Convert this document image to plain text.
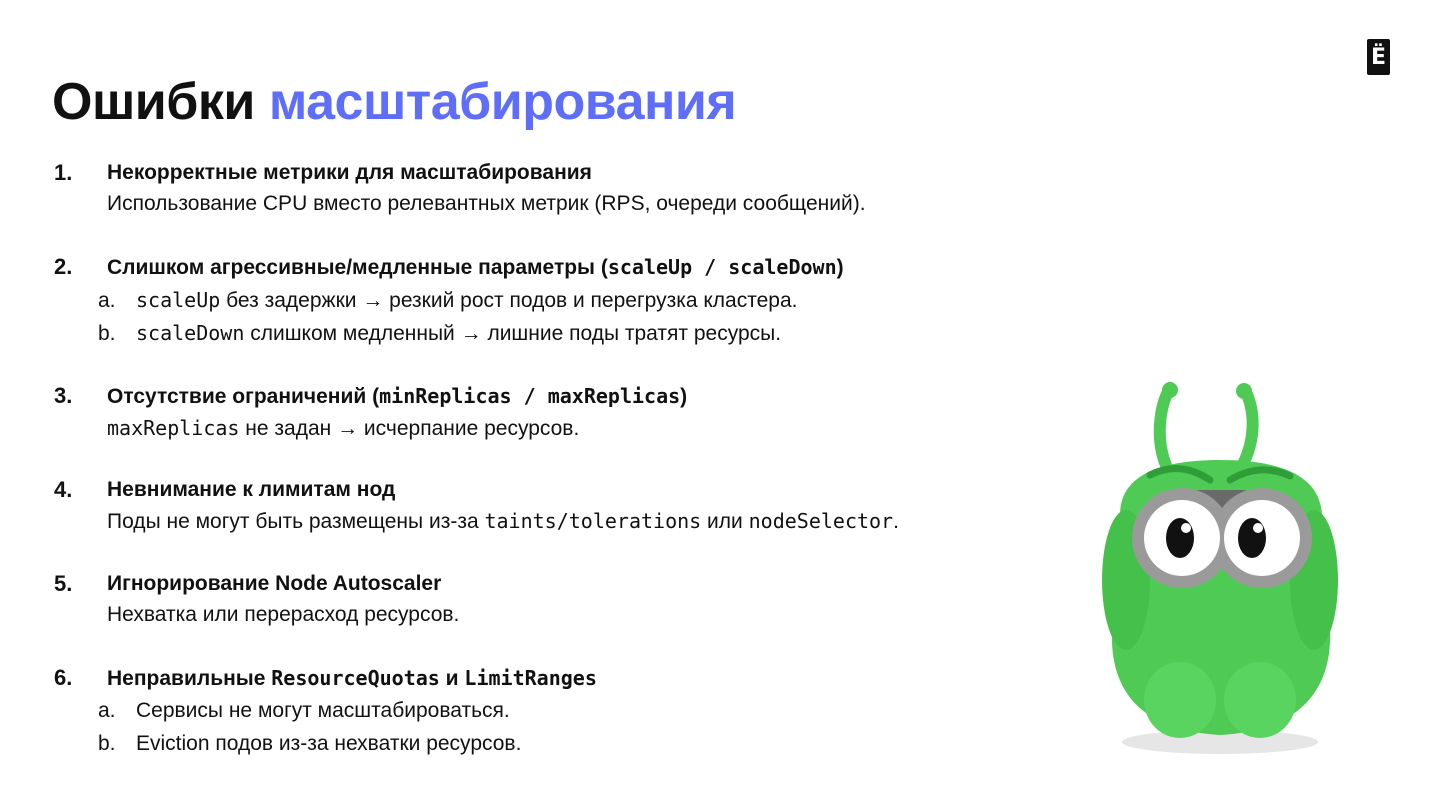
Ё
Ошибки масштабирования
1. Некорректные метрики для масштабирования
Использование CPU вместо релевантных метрик (RPS, очереди сообщений).
2. Слишком агрессивные/медленные параметры (scaleUp / scaleDown)
a. scaleUp без задержки → резкий рост подов и перегрузка кластера.
b. scaleDown слишком медленный → лишние поды тратят ресурсы.
3. Отсутствие ограничений (minReplicas / maxReplicas)
maxReplicas не задан → исчерпание ресурсов.
4. Невнимание к лимитам нод
Поды не могут быть размещены из-за taints/tolerations или nodeSelector.
5. Игнорирование Node Autoscaler
Нехватка или перерасход ресурсов.
6. Неправильные ResourceQuotas и LimitRanges
a. Сервисы не могут масштабироваться.
b. Eviction подов из-за нехватки ресурсов.
